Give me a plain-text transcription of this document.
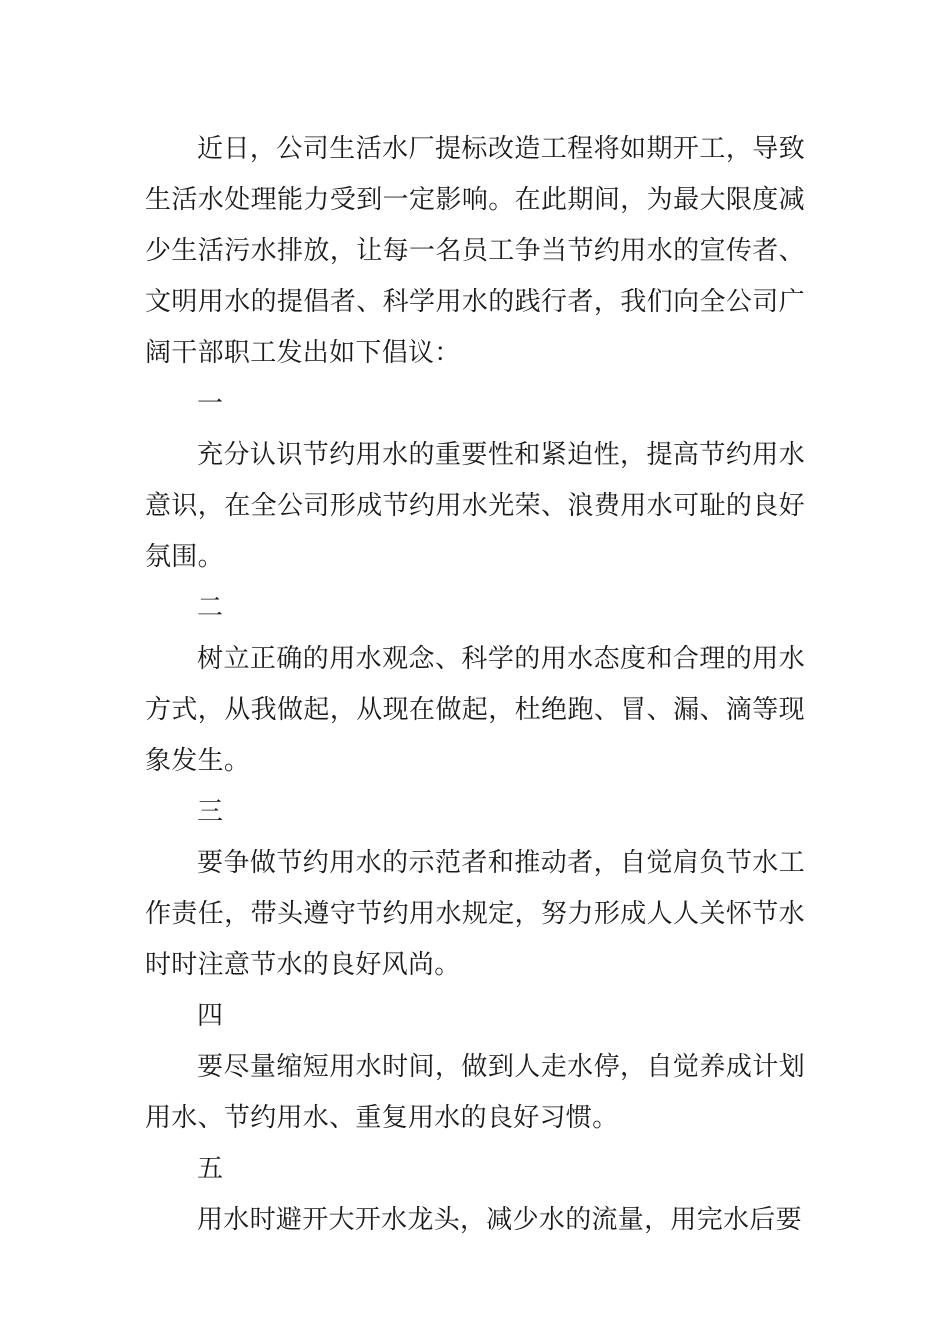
近日，公司生活水厂提标改造工程将如期开工，导致生活水处理能力受到一定影响。在此期间，为最大限度减少生活污水排放，让每一名员工争当节约用水的宣传者、文明用水的提倡者、科学用水的践行者，我们向全公司广阔干部职工发出如下倡议：

一

充分认识节约用水的重要性和紧迫性，提高节约用水意识，在全公司形成节约用水光荣、浪费用水可耻的良好氛围。

二

树立正确的用水观念、科学的用水态度和合理的用水方式，从我做起，从现在做起，杜绝跑、冒、漏、滴等现象发生。

三

要争做节约用水的示范者和推动者，自觉肩负节水工作责任，带头遵守节约用水规定，努力形成人人关怀节水时时注意节水的良好风尚。

四

要尽量缩短用水时间，做到人走水停，自觉养成计划用水、节约用水、重复用水的良好习惯。

五

用水时避开大开水龙头，减少水的流量，用完水后要
